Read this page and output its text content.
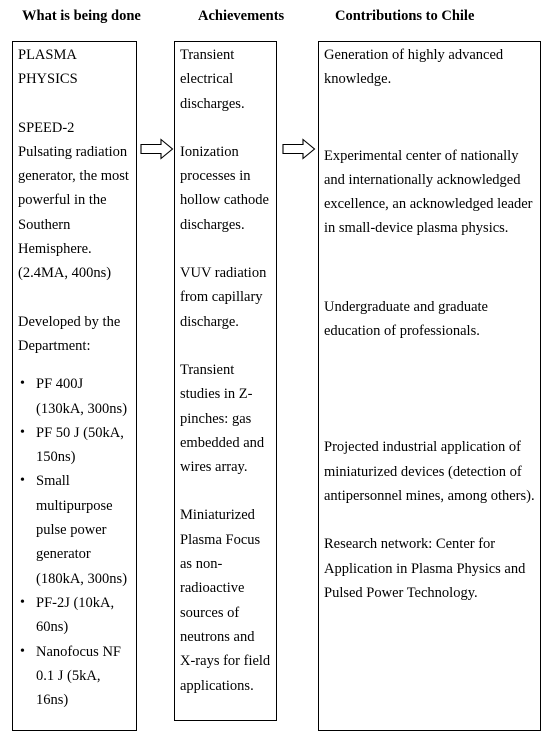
What is being done	Achievements	Contributions to Chile
PLASMA PHYSICS
SPEED-2
Pulsating radiation generator, the most powerful in the Southern Hemisphere. (2.4MA, 400ns)
Developed by the Department:
• PF 400J (130kA, 300ns)
• PF 50 J (50kA, 150ns)
• Small multipurpose pulse power generator (180kA, 300ns)
• PF-2J (10kA, 60ns)
• Nanofocus NF 0.1 J (5kA, 16ns)
Transient electrical discharges.
Ionization processes in hollow cathode discharges.
VUV radiation from capillary discharge.
Transient studies in Z-pinches: gas embedded and wires array.
Miniaturized Plasma Focus as non-radioactive sources of neutrons and X-rays for field applications.
Generation of highly advanced knowledge.
Experimental center of nationally and internationally acknowledged excellence, an acknowledged leader in small-device plasma physics.
Undergraduate and graduate education of professionals.
Projected industrial application of miniaturized devices (detection of antipersonnel mines, among others).
Research network: Center for Application in Plasma Physics and Pulsed Power Technology.
